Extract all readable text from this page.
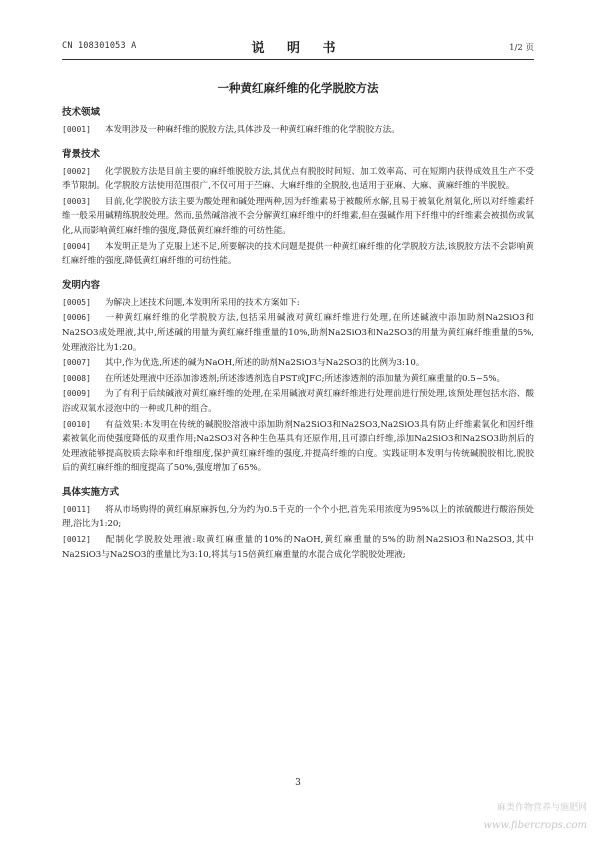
CN 108301053 A	说 明 书	1/2 页
一种黄红麻纤维的化学脱胶方法
技术领域
[0001] 本发明涉及一种麻纤维的脱胶方法,具体涉及一种黄红麻纤维的化学脱胶方法。
背景技术
[0002] 化学脱胶方法是目前主要的麻纤维脱胶方法,其优点有脱胶时间短、加工效率高、可在短期内获得成效且生产不受季节限制。化学脱胶方法使用范围很广,不仅可用于苎麻、大麻纤维的全脱胶,也适用于亚麻、大麻、黄麻纤维的半脱胶。
[0003] 目前,化学脱胶方法主要为酸处理和碱处理两种,因为纤维素易于被酸所水解,且易于被氧化剂氧化,所以对纤维素纤维一般采用碱精练脱胶处理。然而,虽然碱溶液不会分解黄红麻纤维中的纤维素,但在强碱作用下纤维中的纤维素会被损伤或氧化,从而影响黄红麻纤维的强度,降低黄红麻纤维的可纺性能。
[0004] 本发明正是为了克服上述不足,所要解决的技术问题是提供一种黄红麻纤维的化学脱胶方法,该脱胶方法不会影响黄红麻纤维的强度,降低黄红麻纤维的可纺性能。
发明内容
[0005] 为解决上述技术问题,本发明所采用的技术方案如下:
[0006] 一种黄红麻纤维的化学脱胶方法,包括采用碱液对黄红麻纤维进行处理,在所述碱液中添加助剂Na2SiO3和Na2SO3成处理液,其中,所述碱的用量为黄红麻纤维重量的10%,助剂Na2SiO3和Na2SO3的用量为黄红麻纤维重量的5%,处理液浴比为1:20。
[0007] 其中,作为优选,所述的碱为NaOH,所述的助剂Na2SiO3与Na2SO3的比例为3:10。
[0008] 在所述处理液中还添加渗透剂;所述渗透剂选自PST或JFC;所述渗透剂的添加量为黄红麻重量的0.5~5%。
[0009] 为了有利于后续碱液对黄红麻纤维的处理,在采用碱液对黄红麻纤维进行处理前进行预处理,该预处理包括水浴、酸浴或双氧水浸泡中的一种或几种的组合。
[0010] 有益效果:本发明在传统的碱脱胶溶液中添加助剂Na2SiO3和Na2SO3,Na2SiO3具有防止纤维素氧化和因纤维素被氧化而使强度降低的双重作用;Na2SO3对各种生色基具有还原作用,且可漂白纤维,添加Na2SiO3和Na2SO3助剂后的处理液能够提高胶质去除率和纤维细度,保护黄红麻纤维的强度,并提高纤维的白度。实践证明本发明与传统碱脱胶相比,脱胶后的黄红麻纤维的细度提高了50%,强度增加了65%。
具体实施方式
[0011] 将从市场购得的黄红麻原麻拆包,分为约为0.5千克的一个个小把,首先采用浓度为95%以上的浓硫酸进行酸浴预处理,浴比为1:20;
[0012] 配制化学脱胶处理液:取黄红麻重量的10%的NaOH,黄红麻重量的5%的助剂Na2SiO3和Na2SO3,其中Na2SiO3与Na2SO3的重量比为3:10,将其与15倍黄红麻重量的水混合成化学脱胶处理液;
3
麻类作物营养与施肥网
www.fibercrops.com
